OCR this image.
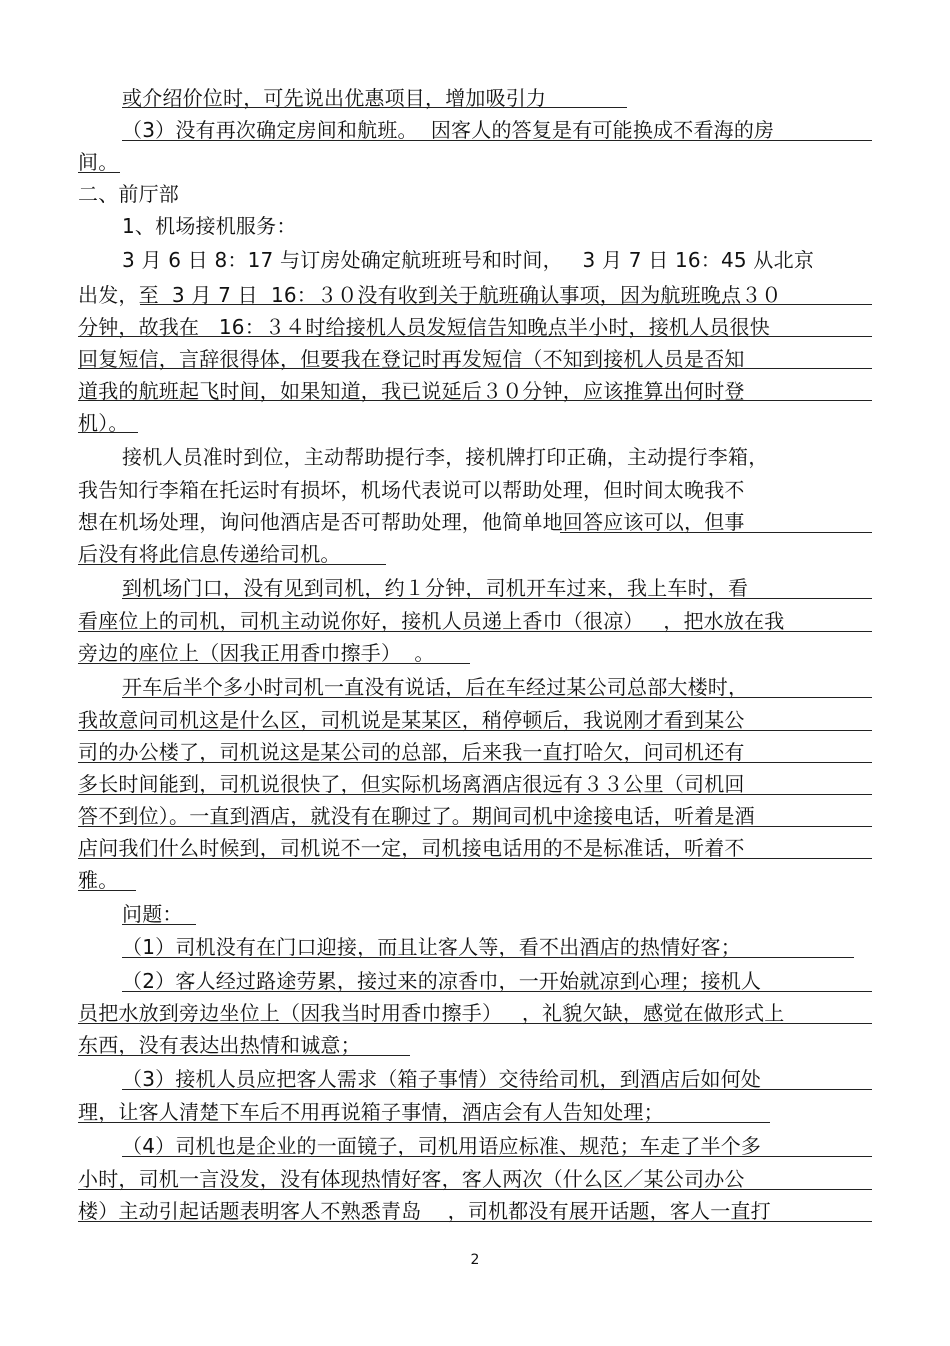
或介绍价位时，可先说出优惠项目，增加吸引力
（3）没有再次确定房间和航班。  因客人的答复是有可能换成不看海的房
间。
二、前厅部
1、机场接机服务：
3 月 6 日 8：17 与订房处确定航班班号和时间，   3 月 7 日 16：45 从北京
出发，至  3 月 7 日  16：３０没有收到关于航班确认事项，因为航班晚点３０
分钟，故我在   16：３４时给接机人员发短信告知晚点半小时，接机人员很快
回复短信，言辞很得体，但要我在登记时再发短信（不知到接机人员是否知
道我的航班起飞时间，如果知道，我已说延后３０分钟，应该推算出何时登
机）。
接机人员准时到位，主动帮助提行李，接机牌打印正确，主动提行李箱，
我告知行李箱在托运时有损坏，机场代表说可以帮助处理，但时间太晚我不
想在机场处理，询问他酒店是否可帮助处理，他简单地回答应该可以，但事
后没有将此信息传递给司机。
到机场门口，没有见到司机，约１分钟，司机开车过来，我上车时，看
看座位上的司机，司机主动说你好，接机人员递上香巾（很凉）   ，把水放在我
旁边的座位上（因我正用香巾擦手）  。
开车后半个多小时司机一直没有说话，后在车经过某公司总部大楼时，
我故意问司机这是什么区，司机说是某某区，稍停顿后，我说刚才看到某公
司的办公楼了，司机说这是某公司的总部，后来我一直打哈欠，问司机还有
多长时间能到，司机说很快了，但实际机场离酒店很远有３３公里（司机回
答不到位）。一直到酒店，就没有在聊过了。期间司机中途接电话，听着是酒
店问我们什么时候到，司机说不一定，司机接电话用的不是标准话，听着不
雅。
问题：
（1）司机没有在门口迎接，而且让客人等，看不出酒店的热情好客；
（2）客人经过路途劳累，接过来的凉香巾，一开始就凉到心理；接机人
员把水放到旁边坐位上（因我当时用香巾擦手）   ，礼貌欠缺，感觉在做形式上
东西，没有表达出热情和诚意；
（3）接机人员应把客人需求（箱子事情）交待给司机，到酒店后如何处
理，让客人清楚下车后不用再说箱子事情，酒店会有人告知处理；
（4）司机也是企业的一面镜子，司机用语应标准、规范；车走了半个多
小时，司机一言没发，没有体现热情好客，客人两次（什么区／某公司办公
楼）主动引起话题表明客人不熟悉青岛    ，司机都没有展开话题，客人一直打
2
